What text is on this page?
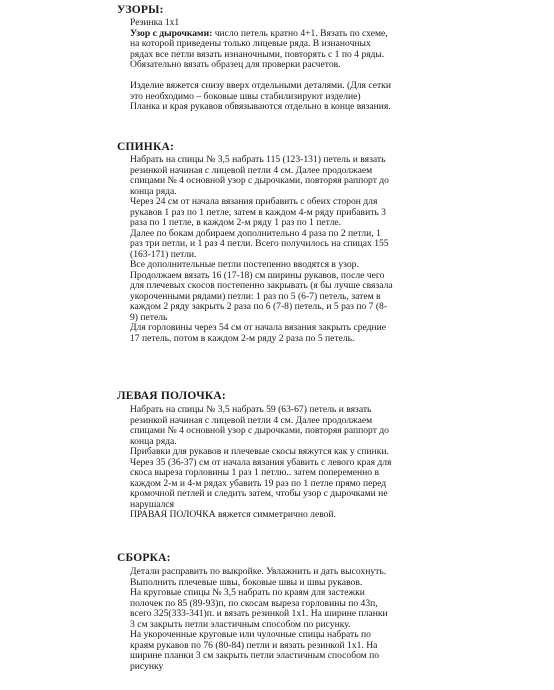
УЗОРЫ:
Резинка 1х1
Узор с дырочками: число петель кратно 4+1. Вязать по схеме,
на которой приведены только лицевые ряда. В изнаночных
рядах все петли вязать изнаночными, повторять с 1 по 4 ряды.
Обязательно вязать образец для проверки расчетов.

Изделие вяжется снизу вверх отдельными деталями. (Для сетки
это необходимо – боковые швы стабилизируют изделие)
Планка и края рукавов обвязываются отдельно в конце вязания.
СПИНКА:
Набрать на спицы № 3,5 набрать 115 (123-131) петель и вязать
резинкой начиная с лицевой петли 4 см. Далее продолжаем
спицами № 4 основной узор с дырочками, повторяя раппорт до
конца ряда.
Через 24 см от начала вязания прибавить с обеих сторон для
рукавов 1 раз по 1 петле, затем в каждом 4-м ряду прибавить 3
раза по 1 петле, в каждом 2-м ряду 1 раз по 1 петле.
Далее по бокам добираем дополнительно 4 раза по 2 петли, 1
раз три петли, и 1 раз 4 петли. Всего получилось на спицах 155
(163-171) петли.
Все дополнительные петли постепенно вводятся в узор.
Продолжаем вязать 16 (17-18) см ширины рукавов, после чего
для плечевых скосов постепенно закрывать (я бы лучше связала
укороченными рядами) петли: 1 раз по 5 (6-7) петель, затем в
каждом 2 ряду закрыть 2 раза по 6 (7-8) петель, и 5 раз по 7 (8-
9) петель
Для горловины через 54 см от начала вязания закрыть средние
17 петель, потом в каждом 2-м ряду 2 раза по 5 петель.
ЛЕВАЯ ПОЛОЧКА:
Набрать на спицы № 3,5 набрать 59 (63-67) петель и вязать
резинкой начиная с лицевой петли 4 см. Далее продолжаем
спицами № 4 основной узор с дырочками, повторяя раппорт до
конца ряда.
Прибавки для рукавов и плечевые скосы вяжутся как у спинки.
Через 35 (36-37) см от начала вязания убавить с левого края для
скоса выреза горловины 1 раз 1 петлю.. затем попеременно в
каждом 2-м и 4-м рядах убавить 19 раз по 1 петле прямо перед
кромочной петлей и следить затем, чтобы узор с дырочками не
нарушался
ПРАВАЯ ПОЛОЧКА вяжется симметрично левой.
СБОРКА:
Детали расправить по выкройке. Увлажнить и дать высохнуть.
Выполнить плечевые швы, боковые швы и швы рукавов.
На круговые спицы № 3,5 набрать по краям для застежки
полочек по 85 (89-93)п, по скосам выреза горловины по 43п,
всего 325(333-341)п. и вязать резинкой 1х1. На ширине планки
3 см закрыть петли эластичным способом по рисунку.
На укороченные круговые или чулочные спицы набрать по
краям рукавов по 76 (80-84) петли и вязать резинкой 1х1. На
ширине планки 3 см закрыть петли эластичным способом по
рисунку
